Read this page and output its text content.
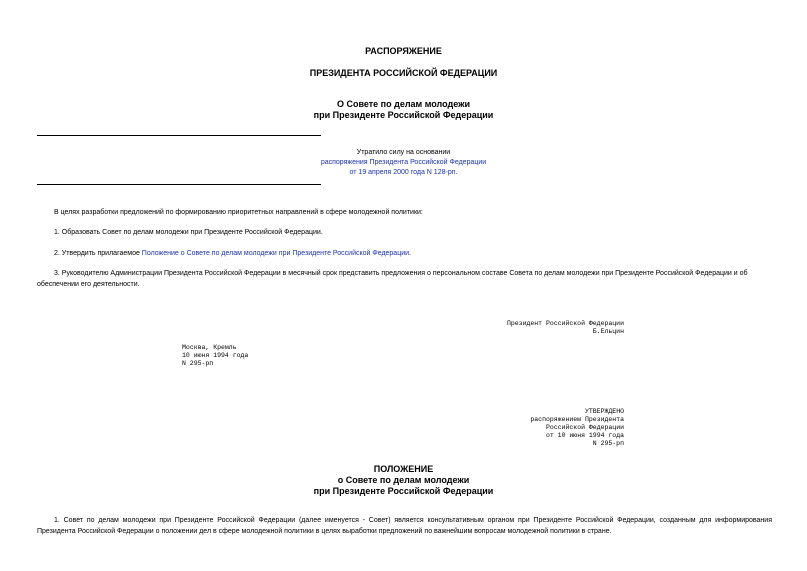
РАСПОРЯЖЕНИЕ
ПРЕЗИДЕНТА РОССИЙСКОЙ ФЕДЕРАЦИИ
О Совете по делам молодежи
при Президенте Российской Федерации
Утратило силу на основании
распоряжения Президента Российской Федерации
от 19 апреля 2000 года N 128-рп.
В целях разработки предложений по формированию приоритетных направлений в сфере молодежной политики:
1. Образовать Совет по делам молодежи при Президенте Российской Федерации.
2. Утвердить прилагаемое Положение о Совете по делам молодежи при Президенте Российской Федерации.
3. Руководителю Администрации Президента Российской Федерации в месячный срок представить предложения о персональном составе Совета по делам молодежи при Президенте Российской Федерации и об обеспечении его деятельности.
Президент Российской Федерации
Б.Ельцин
Москва, Кремль
10 июня 1994 года
N 295-рп
УТВЕРЖДЕНО
распоряжением Президента
Российской Федерации
от 10 июня 1994 года
N 295-рп
ПОЛОЖЕНИЕ
о Совете по делам молодежи
при Президенте Российской Федерации
1. Совет по делам молодежи при Президенте Российской Федерации (далее именуется - Совет) является консультативным органом при Президенте Российской Федерации, созданным для информирования Президента Российской Федерации о положении дел в сфере молодежной политики в целях выработки предложений по важнейшим вопросам молодежной политики в стране.
